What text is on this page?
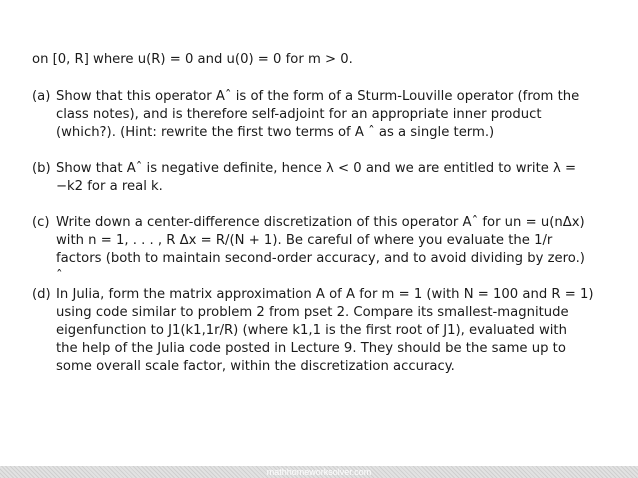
on [0, R] where u(R) = 0 and u(0) = 0 for m > 0.
(a) Show that this operator Aˆ is of the form of a Sturm-Louville operator (from the
class notes), and is therefore self-adjoint for an appropriate inner product
(which?). (Hint: rewrite the first two terms of A ˆ as a single term.)
(b) Show that Aˆ is negative definite, hence λ < 0 and we are entitled to write λ =
−k2 for a real k.
(c) Write down a center-difference discretization of this operator Aˆ for un = u(nΔx)
with n = 1, . . . , R Δx = R/(N + 1). Be careful of where you evaluate the 1/r
factors (both to maintain second-order accuracy, and to avoid dividing by zero.)
ˆ
(d) In Julia, form the matrix approximation A of A for m = 1 (with N = 100 and R = 1)
using code similar to problem 2 from pset 2. Compare its smallest-magnitude
eigenfunction to J1(k1,1r/R) (where k1,1 is the first root of J1), evaluated with
the help of the Julia code posted in Lecture 9. They should be the same up to
some overall scale factor, within the discretization accuracy.
mathhomeworksolver.com
